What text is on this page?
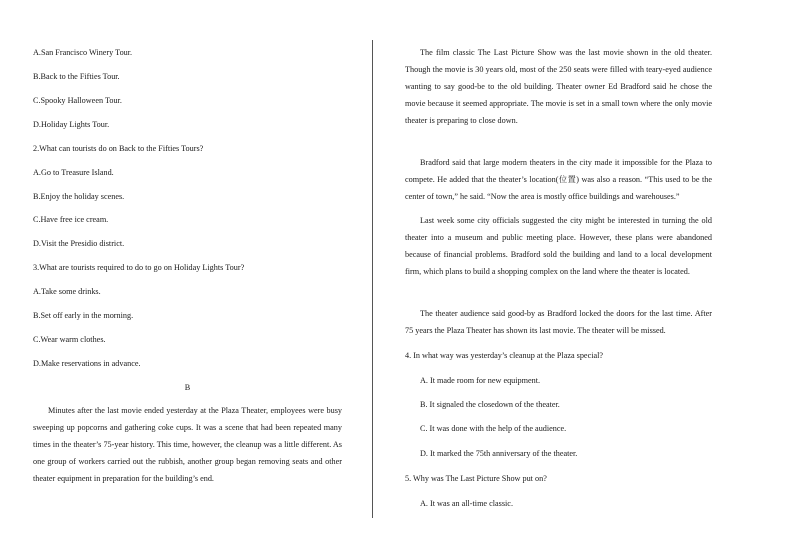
A.San Francisco Winery Tour.
B.Back to the Fifties Tour.
C.Spooky Halloween Tour.
D.Holiday Lights Tour.
2.What can tourists do on Back to the Fifties Tours?
A.Go to Treasure Island.
B.Enjoy the holiday scenes.
C.Have free ice cream.
D.Visit the Presidio district.
3.What are tourists required to do to go on Holiday Lights Tour?
A.Take some drinks.
B.Set off early in the morning.
C.Wear warm clothes.
D.Make reservations in advance.
B
Minutes after the last movie ended yesterday at the Plaza Theater, employees were busy sweeping up popcorns and gathering coke cups. It was a scene that had been repeated many times in the theater’s 75-year history. This time, however, the cleanup was a little different. As one group of workers carried out the rubbish, another group began removing seats and other theater equipment in preparation for the building’s end.
The film classic The Last Picture Show was the last movie shown in the old theater. Though the movie is 30 years old, most of the 250 seats were filled with teary-eyed audience wanting to say good-be to the old building. Theater owner Ed Bradford said he chose the movie because it seemed appropriate. The movie is set in a small town where the only movie theater is preparing to close down.
Bradford said that large modern theaters in the city made it impossible for the Plaza to compete. He added that the theater’s location(位置) was also a reason. “This used to be the center of town,” he said. “Now the area is mostly office buildings and warehouses.”
Last week some city officials suggested the city might be interested in turning the old theater into a museum and public meeting place. However, these plans were abandoned because of financial problems. Bradford sold the building and land to a local development firm, which plans to build a shopping complex on the land where the theater is located.
The theater audience said good-by as Bradford locked the doors for the last time. After 75 years the Plaza Theater has shown its last movie. The theater will be missed.
4. In what way was yesterday’s cleanup at the Plaza special?
A. It made room for new equipment.
B. It signaled the closedown of the theater.
C. It was done with the help of the audience.
D. It marked the 75th anniversary of the theater.
5. Why was The Last Picture Show put on?
A. It was an all-time classic.
